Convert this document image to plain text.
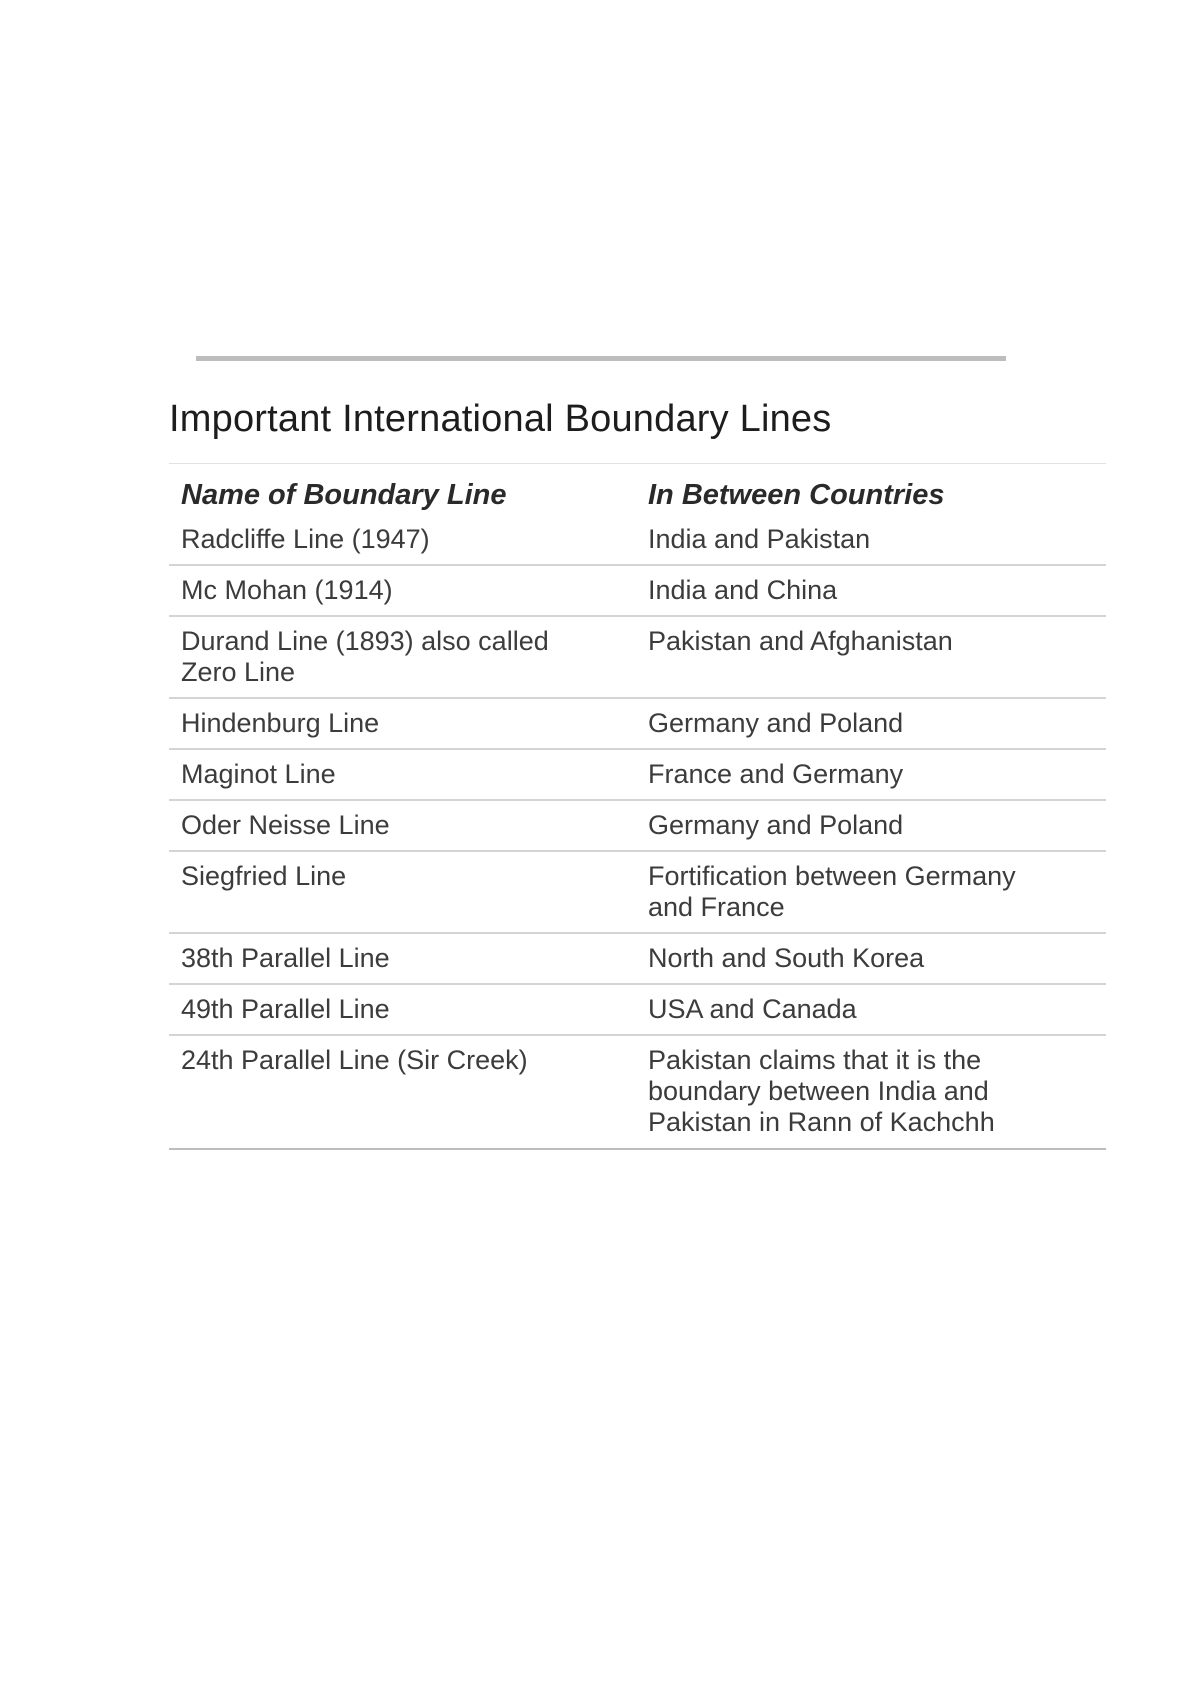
Important International Boundary Lines
Name of Boundary Line	In Between Countries
Radcliffe Line (1947)	India and Pakistan
Mc Mohan (1914)	India and China
Durand Line (1893) also called Zero Line	Pakistan and Afghanistan
Hindenburg Line	Germany and Poland
Maginot Line	France and Germany
Oder Neisse Line	Germany and Poland
Siegfried Line	Fortification between Germany and France
38th Parallel Line	North and South Korea
49th Parallel Line	USA and Canada
24th Parallel Line (Sir Creek)	Pakistan claims that it is the boundary between India and Pakistan in Rann of Kachchh
